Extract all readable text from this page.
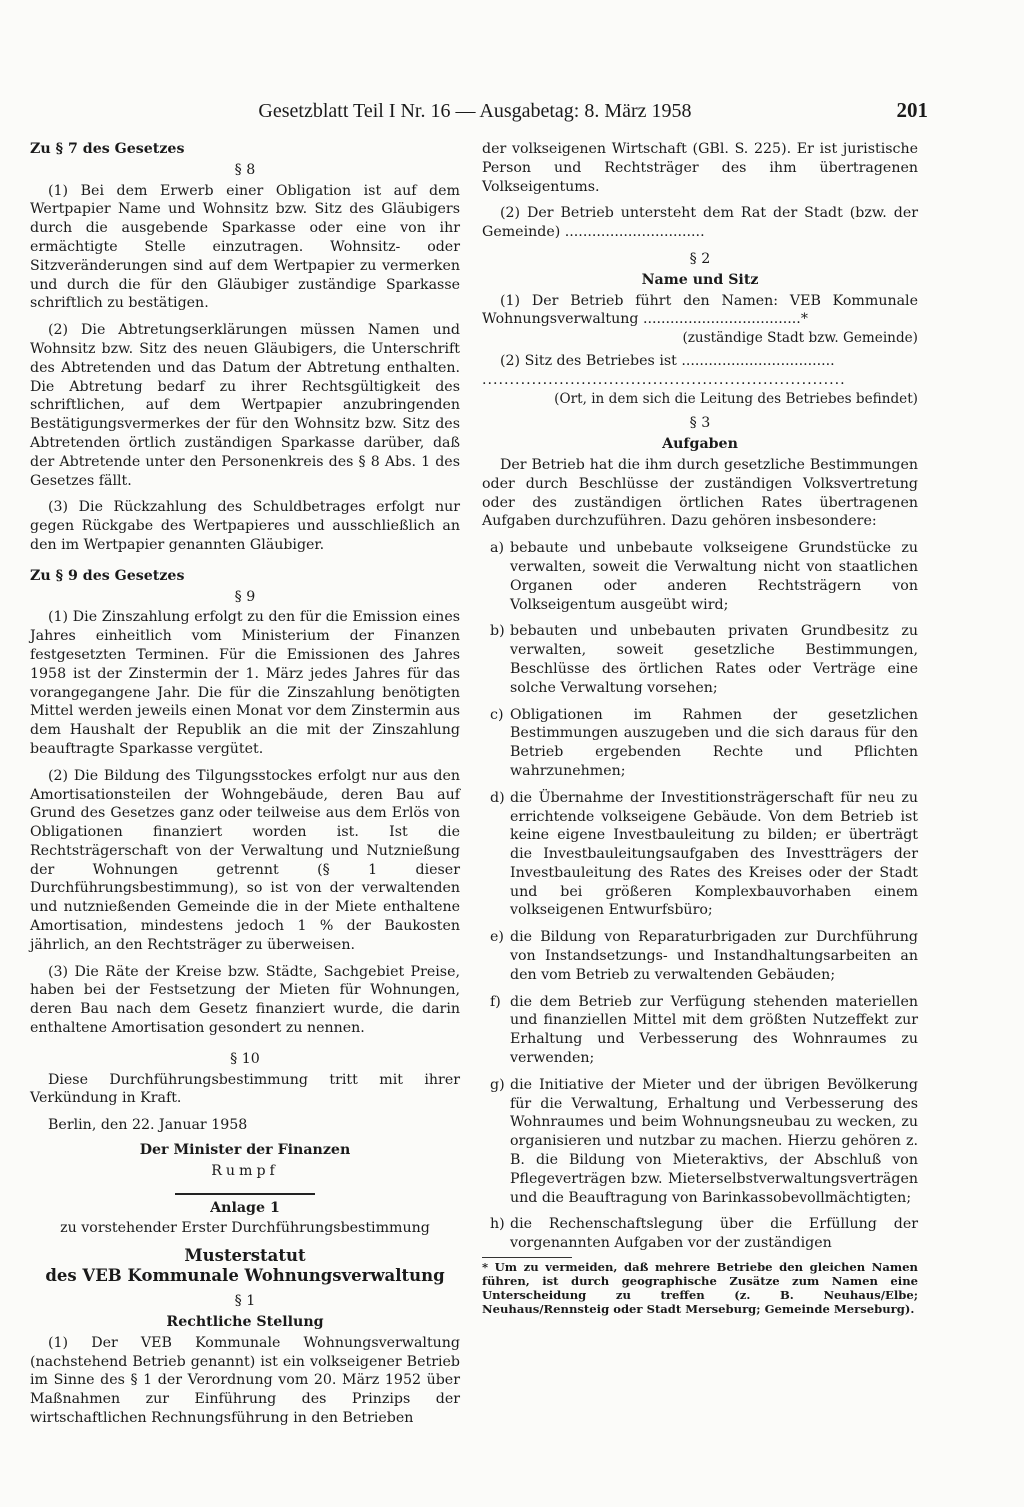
Gesetzblatt Teil I Nr. 16 — Ausgabetag: 8. März 1958	201
Zu § 7 des Gesetzes
§ 8

(1) Bei dem Erwerb einer Obligation ist auf dem Wertpapier Name und Wohnsitz bzw. Sitz des Gläubigers durch die ausgebende Sparkasse oder eine von ihr ermächtigte Stelle einzutragen. Wohnsitz- oder Sitzveränderungen sind auf dem Wertpapier zu vermerken und durch die für den Gläubiger zuständige Sparkasse schriftlich zu bestätigen.

(2) Die Abtretungserklärungen müssen Namen und Wohnsitz bzw. Sitz des neuen Gläubigers, die Unterschrift des Abtretenden und das Datum der Abtretung enthalten. Die Abtretung bedarf zu ihrer Rechtsgültigkeit des schriftlichen, auf dem Wertpapier anzubringenden Bestätigungsvermerkes der für den Wohnsitz bzw. Sitz des Abtretenden örtlich zuständigen Sparkasse darüber, daß der Abtretende unter den Personenkreis des § 8 Abs. 1 des Gesetzes fällt.

(3) Die Rückzahlung des Schuldbetrages erfolgt nur gegen Rückgabe des Wertpapieres und ausschließlich an den im Wertpapier genannten Gläubiger.

Zu § 9 des Gesetzes
§ 9

(1) Die Zinszahlung erfolgt zu den für die Emission eines Jahres einheitlich vom Ministerium der Finanzen festgesetzten Terminen. Für die Emissionen des Jahres 1958 ist der Zinstermin der 1. März jedes Jahres für das vorangegangene Jahr. Die für die Zinszahlung benötigten Mittel werden jeweils einen Monat vor dem Zinstermin aus dem Haushalt der Republik an die mit der Zinszahlung beauftragte Sparkasse vergütet.

(2) Die Bildung des Tilgungsstockes erfolgt nur aus den Amortisationsteilen der Wohngebäude, deren Bau auf Grund des Gesetzes ganz oder teilweise aus dem Erlös von Obligationen finanziert worden ist. Ist die Rechtsträgerschaft von der Verwaltung und Nutznießung der Wohnungen getrennt (§ 1 dieser Durchführungsbestimmung), so ist von der verwaltenden und nutznießenden Gemeinde die in der Miete enthaltene Amortisation, mindestens jedoch 1 % der Baukosten jährlich, an den Rechtsträger zu überweisen.

(3) Die Räte der Kreise bzw. Städte, Sachgebiet Preise, haben bei der Festsetzung der Mieten für Wohnungen, deren Bau nach dem Gesetz finanziert wurde, die darin enthaltene Amortisation gesondert zu nennen.

§ 10

Diese Durchführungsbestimmung tritt mit ihrer Verkündung in Kraft.

Berlin, den 22. Januar 1958

Der Minister der Finanzen
Rumpf
Anlage 1
zu vorstehender Erster Durchführungsbestimmung
Musterstatut
des VEB Kommunale Wohnungsverwaltung
§ 1
Rechtliche Stellung

(1) Der VEB Kommunale Wohnungsverwaltung (nachstehend Betrieb genannt) ist ein volkseigener Betrieb im Sinne des § 1 der Verordnung vom 20. März 1952 über Maßnahmen zur Einführung des Prinzips der wirtschaftlichen Rechnungsführung in den Betrieben

der volkseigenen Wirtschaft (GBl. S. 225). Er ist juristische Person und Rechtsträger des ihm übertragenen Volkseigentums.

(2) Der Betrieb untersteht dem Rat der Stadt (bzw. der Gemeinde) ...............................

§ 2
Name und Sitz

(1) Der Betrieb führt den Namen: VEB Kommunale Wohnungsverwaltung ...................................*

(zuständige Stadt bzw. Gemeinde)

(2) Sitz des Betriebes ist ..................................

..................................................................
(Ort, in dem sich die Leitung des Betriebes befindet)
§ 3
Aufgaben

Der Betrieb hat die ihm durch gesetzliche Bestimmungen oder durch Beschlüsse der zuständigen Volksvertretung oder des zuständigen örtlichen Rates übertragenen Aufgaben durchzuführen. Dazu gehören insbesondere:

a) bebaute und unbebaute volkseigene Grundstücke zu verwalten, soweit die Verwaltung nicht von staatlichen Organen oder anderen Rechtsträgern von Volkseigentum ausgeübt wird;
b) bebauten und unbebauten privaten Grundbesitz zu verwalten, soweit gesetzliche Bestimmungen, Beschlüsse des örtlichen Rates oder Verträge eine solche Verwaltung vorsehen;
c) Obligationen im Rahmen der gesetzlichen Bestimmungen auszugeben und die sich daraus für den Betrieb ergebenden Rechte und Pflichten wahrzunehmen;
d) die Übernahme der Investitionsträgerschaft für neu zu errichtende volkseigene Gebäude. Von dem Betrieb ist keine eigene Investbauleitung zu bilden; er überträgt die Investbauleitungsaufgaben des Investträgers der Investbauleitung des Rates des Kreises oder der Stadt und bei größeren Komplexbauvorhaben einem volkseigenen Entwurfsbüro;
e) die Bildung von Reparaturbrigaden zur Durchführung von Instandsetzungs- und Instandhaltungsarbeiten an den vom Betrieb zu verwaltenden Gebäuden;
f) die dem Betrieb zur Verfügung stehenden materiellen und finanziellen Mittel mit dem größten Nutzeffekt zur Erhaltung und Verbesserung des Wohnraumes zu verwenden;
g) die Initiative der Mieter und der übrigen Bevölkerung für die Verwaltung, Erhaltung und Verbesserung des Wohnraumes und beim Wohnungsneubau zu wecken, zu organisieren und nutzbar zu machen. Hierzu gehören z. B. die Bildung von Mieteraktivs, der Abschluß von Pflegeverträgen bzw. Mieterselbstverwaltungsverträgen und die Beauftragung von Barinkassobevollmächtigten;
h) die Rechenschaftslegung über die Erfüllung der vorgenannten Aufgaben vor der zuständigen
* Um zu vermeiden, daß mehrere Betriebe den gleichen Namen führen, ist durch geographische Zusätze zum Namen eine Unterscheidung zu treffen (z. B. Neuhaus/Elbe; Neuhaus/Rennsteig oder Stadt Merseburg; Gemeinde Merseburg).
